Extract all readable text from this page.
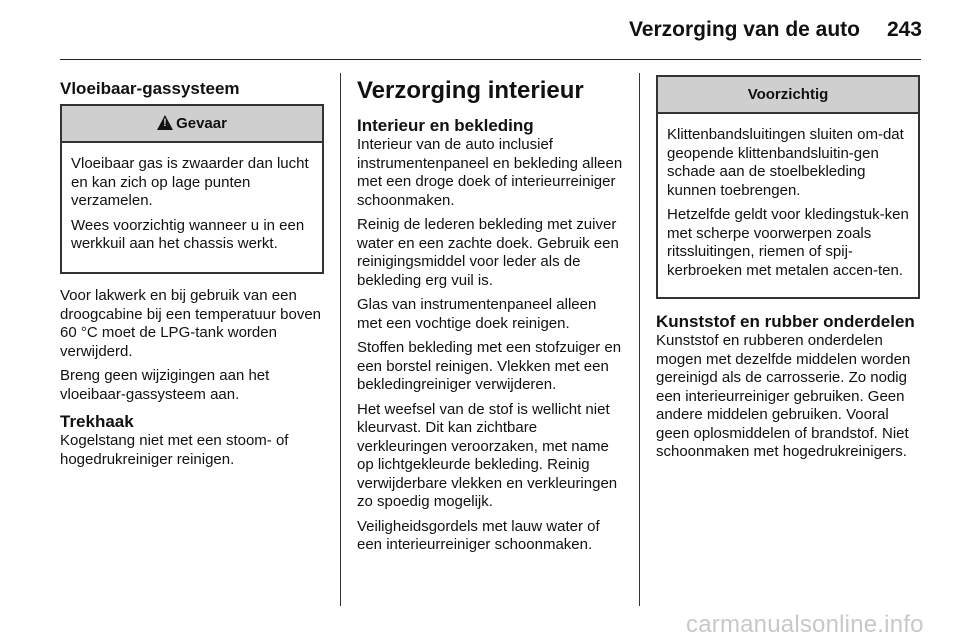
Verzorging van de auto	243
Vloeibaar-gassysteem
!Gevaar

Vloeibaar gas is zwaarder dan lucht en kan zich op lage punten verzamelen.

Wees voorzichtig wanneer u in een werkkuil aan het chassis werkt.

Voor lakwerk en bij gebruik van een droogcabine bij een temperatuur boven 60 °C moet de LPG-tank worden verwijderd.

Breng geen wijzigingen aan het vloeibaar-gassysteem aan.

Trekhaak

Kogelstang niet met een stoom- of hogedrukreiniger reinigen.

Verzorging interieur
Interieur en bekleding

Interieur van de auto inclusief instrumentenpaneel en bekleding alleen met een droge doek of interieurreiniger schoonmaken.

Reinig de lederen bekleding met zuiver water en een zachte doek. Gebruik een reinigingsmiddel voor leder als de bekleding erg vuil is.

Glas van instrumentenpaneel alleen met een vochtige doek reinigen.

Stoffen bekleding met een stofzuiger en een borstel reinigen. Vlekken met een bekledingreiniger verwijderen.

Het weefsel van de stof is wellicht niet kleurvast. Dit kan zichtbare verkleuringen veroorzaken, met name op lichtgekleurde bekleding. Reinig verwijderbare vlekken en verkleuringen zo spoedig mogelijk.

Veiligheidsgordels met lauw water of een interieurreiniger schoonmaken.

Voorzichtig

Klittenbandsluitingen sluiten om-dat geopende klittenbandsluitin-gen schade aan de stoelbekleding kunnen toebrengen.

Hetzelfde geldt voor kledingstuk-ken met scherpe voorwerpen zoals ritssluitingen, riemen of spij-kerbroeken met metalen accen-ten.

Kunststof en rubber onderdelen

Kunststof en rubberen onderdelen mogen met dezelfde middelen worden gereinigd als de carrosserie. Zo nodig een interieurreiniger gebruiken. Geen andere middelen gebruiken. Vooral geen oplosmiddelen of brandstof. Niet schoonmaken met hogedrukreinigers.

carmanualsonline.info
